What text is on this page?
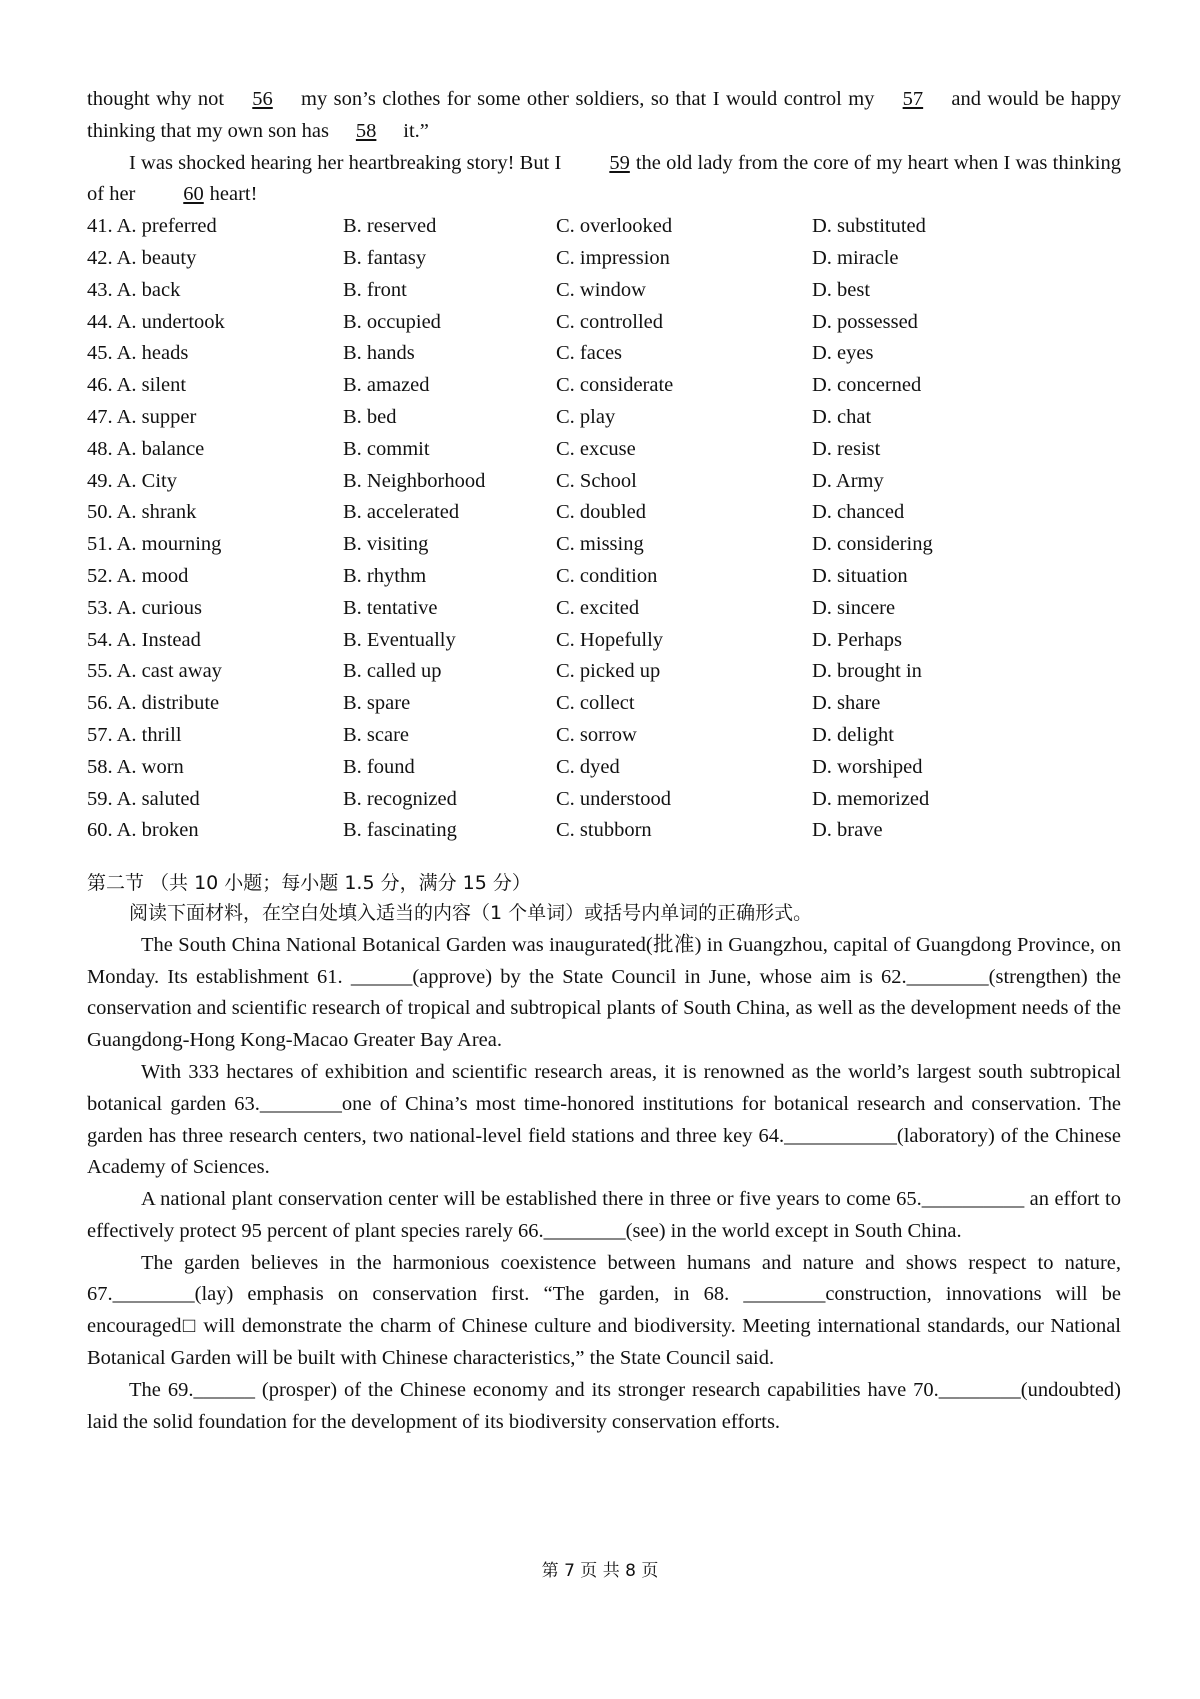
thought why not 56 my son’s clothes for some other soldiers, so that I would control my 57 and would be happy thinking that my own son has 58 it.”

I was shocked hearing her heartbreaking story! But I 59 the old lady from the core of my heart when I was thinking of her 60 heart!

41. A. preferred	B. reserved	C. overlooked	D. substituted
42. A. beauty	B. fantasy	C. impression	D. miracle
43. A. back	B. front	C. window	D. best
44. A. undertook	B. occupied	C. controlled	D. possessed
45. A. heads	B. hands	C. faces	D. eyes
46. A. silent	B. amazed	C. considerate	D. concerned
47. A. supper	B. bed	C. play	D. chat
48. A. balance	B. commit	C. excuse	D. resist
49. A. City	B. Neighborhood	C. School	D. Army
50. A. shrank	B. accelerated	C. doubled	D. chanced
51. A. mourning	B. visiting	C. missing	D. considering
52. A. mood	B. rhythm	C. condition	D. situation
53. A. curious	B. tentative	C. excited	D. sincere
54. A. Instead	B. Eventually	C. Hopefully	D. Perhaps
55. A. cast away	B. called up	C. picked up	D. brought in
56. A. distribute	B. spare	C. collect	D. share
57. A. thrill	B. scare	C. sorrow	D. delight
58. A. worn	B. found	C. dyed	D. worshiped
59. A. saluted	B. recognized	C. understood	D. memorized
60. A. broken	B. fascinating	C. stubborn	D. brave
第二节 （共 10 小题；每小题 1.5 分，满分 15 分）

阅读下面材料，在空白处填入适当的内容（1 个单词）或括号内单词的正确形式。

The South China National Botanical Garden was inaugurated(批准) in Guangzhou, capital of Guangdong Province, on Monday. Its establishment 61. ______(approve) by the State Council in June, whose aim is 62.________(strengthen) the conservation and scientific research of tropical and subtropical plants of South China, as well as the development needs of the Guangdong-Hong Kong-Macao Greater Bay Area.

With 333 hectares of exhibition and scientific research areas, it is renowned as the world’s largest south subtropical botanical garden 63.________one of China’s most time-honored institutions for botanical research and conservation. The garden has three research centers, two national-level field stations and three key 64.___________(laboratory) of the Chinese Academy of Sciences.

A national plant conservation center will be established there in three or five years to come 65.__________ an effort to effectively protect 95 percent of plant species rarely 66.________(see) in the world except in South China.

The garden believes in the harmonious coexistence between humans and nature and shows respect to nature, 67.________(lay) emphasis on conservation first. “The garden, in 68. ________construction, innovations will be encouraged□ will demonstrate the charm of Chinese culture and biodiversity. Meeting international standards, our National Botanical Garden will be built with Chinese characteristics,” the State Council said.

The 69.______ (prosper) of the Chinese economy and its stronger research capabilities have 70.________(undoubted) laid the solid foundation for the development of its biodiversity conservation efforts.

第 7 页 共 8 页
